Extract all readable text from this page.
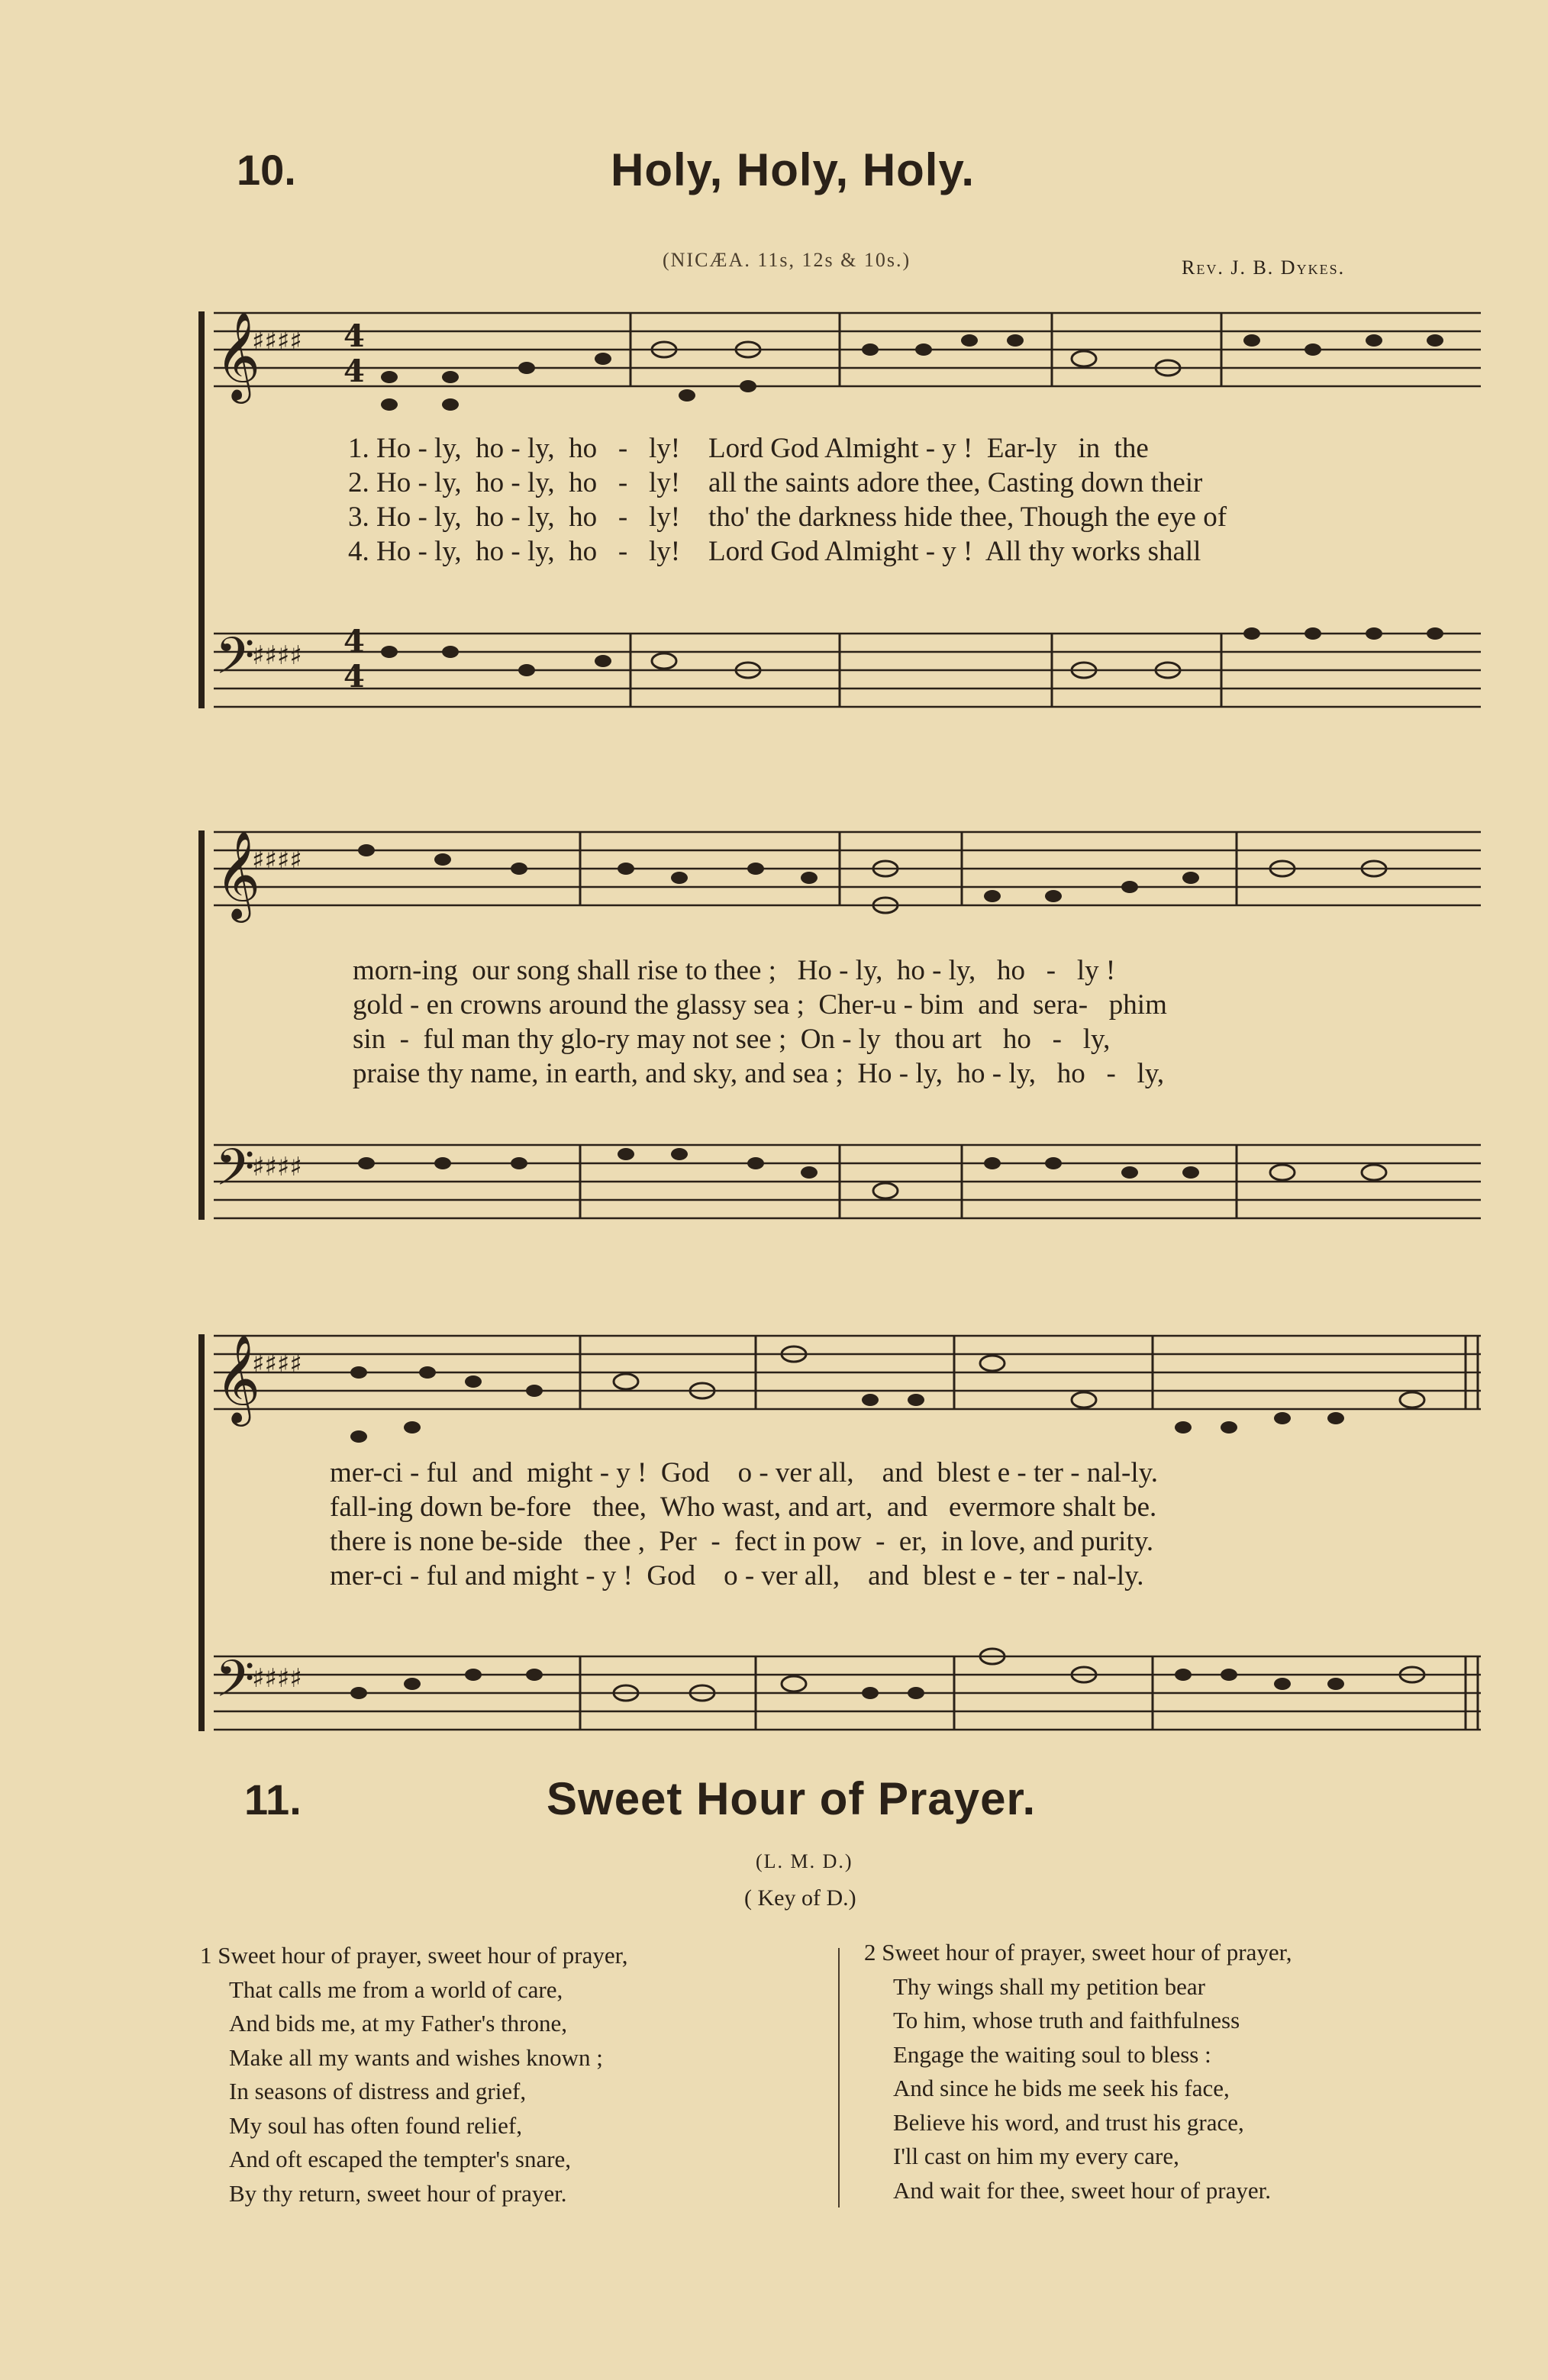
10.	Holy, Holy, Holy.
(NICÆA. 11s, 12s & 10s.)	Rev. J. B. Dykes.
𝄞
𝄢
♯♯♯♯
♯♯♯♯
4
4
4
4
1. Ho - ly,  ho - ly,  ho   -   ly!    Lord God Almight - y !  Ear-ly   in  the
2. Ho - ly,  ho - ly,  ho   -   ly!    all the saints adore thee, Casting down their
3. Ho - ly,  ho - ly,  ho   -   ly!    tho' the darkness hide thee, Though the eye of
4. Ho - ly,  ho - ly,  ho   -   ly!    Lord God Almight - y !  All thy works shall
𝄞
𝄢
♯♯♯♯
♯♯♯♯
morn-ing  our song shall rise to thee ;   Ho - ly,  ho - ly,   ho   -   ly !
gold - en crowns around the glassy sea ;  Cher-u - bim  and  sera-   phim
sin  -  ful man thy glo-ry may not see ;  On - ly  thou art   ho   -   ly,
praise thy name, in earth, and sky, and sea ;  Ho - ly,  ho - ly,   ho   -   ly,
𝄞
𝄢
♯♯♯♯
♯♯♯♯
mer-ci - ful  and  might - y !  God    o - ver all,    and  blest e - ter - nal-ly.
fall-ing down be-fore   thee,  Who wast, and art,  and   evermore shalt be.
there is none be-side   thee ,  Per  -  fect in pow  -  er,  in love, and purity.
mer-ci - ful and might - y !  God    o - ver all,    and  blest e - ter - nal-ly.
11.	Sweet Hour of Prayer.
(L. M. D.)
( Key of D.)
1 Sweet hour of prayer, sweet hour of prayer,
That calls me from a world of care,
And bids me, at my Father's throne,
Make all my wants and wishes known ;
In seasons of distress and grief,
My soul has often found relief,
And oft escaped the tempter's snare,
By thy return, sweet hour of prayer.
2 Sweet hour of prayer, sweet hour of prayer,
Thy wings shall my petition bear
To him, whose truth and faithfulness
Engage the waiting soul to bless :
And since he bids me seek his face,
Believe his word, and trust his grace,
I'll cast on him my every care,
And wait for thee, sweet hour of prayer.
